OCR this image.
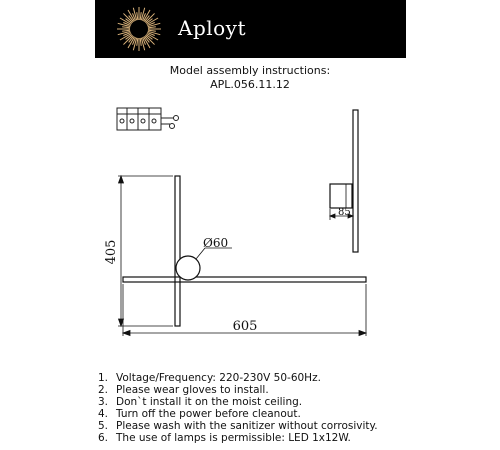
Aployt
Model assembly instructions:
APL.056.11.12
405
605
Ø60
85
1. Voltage/Frequency: 220-230V 50-60Hz.
2. Please wear gloves to install.
3. Don`t install it on the moist ceiling.
4. Turn off the power before cleanout.
5. Please wash with the sanitizer without corrosivity.
6. The use of lamps is permissible: LED 1x12W.
